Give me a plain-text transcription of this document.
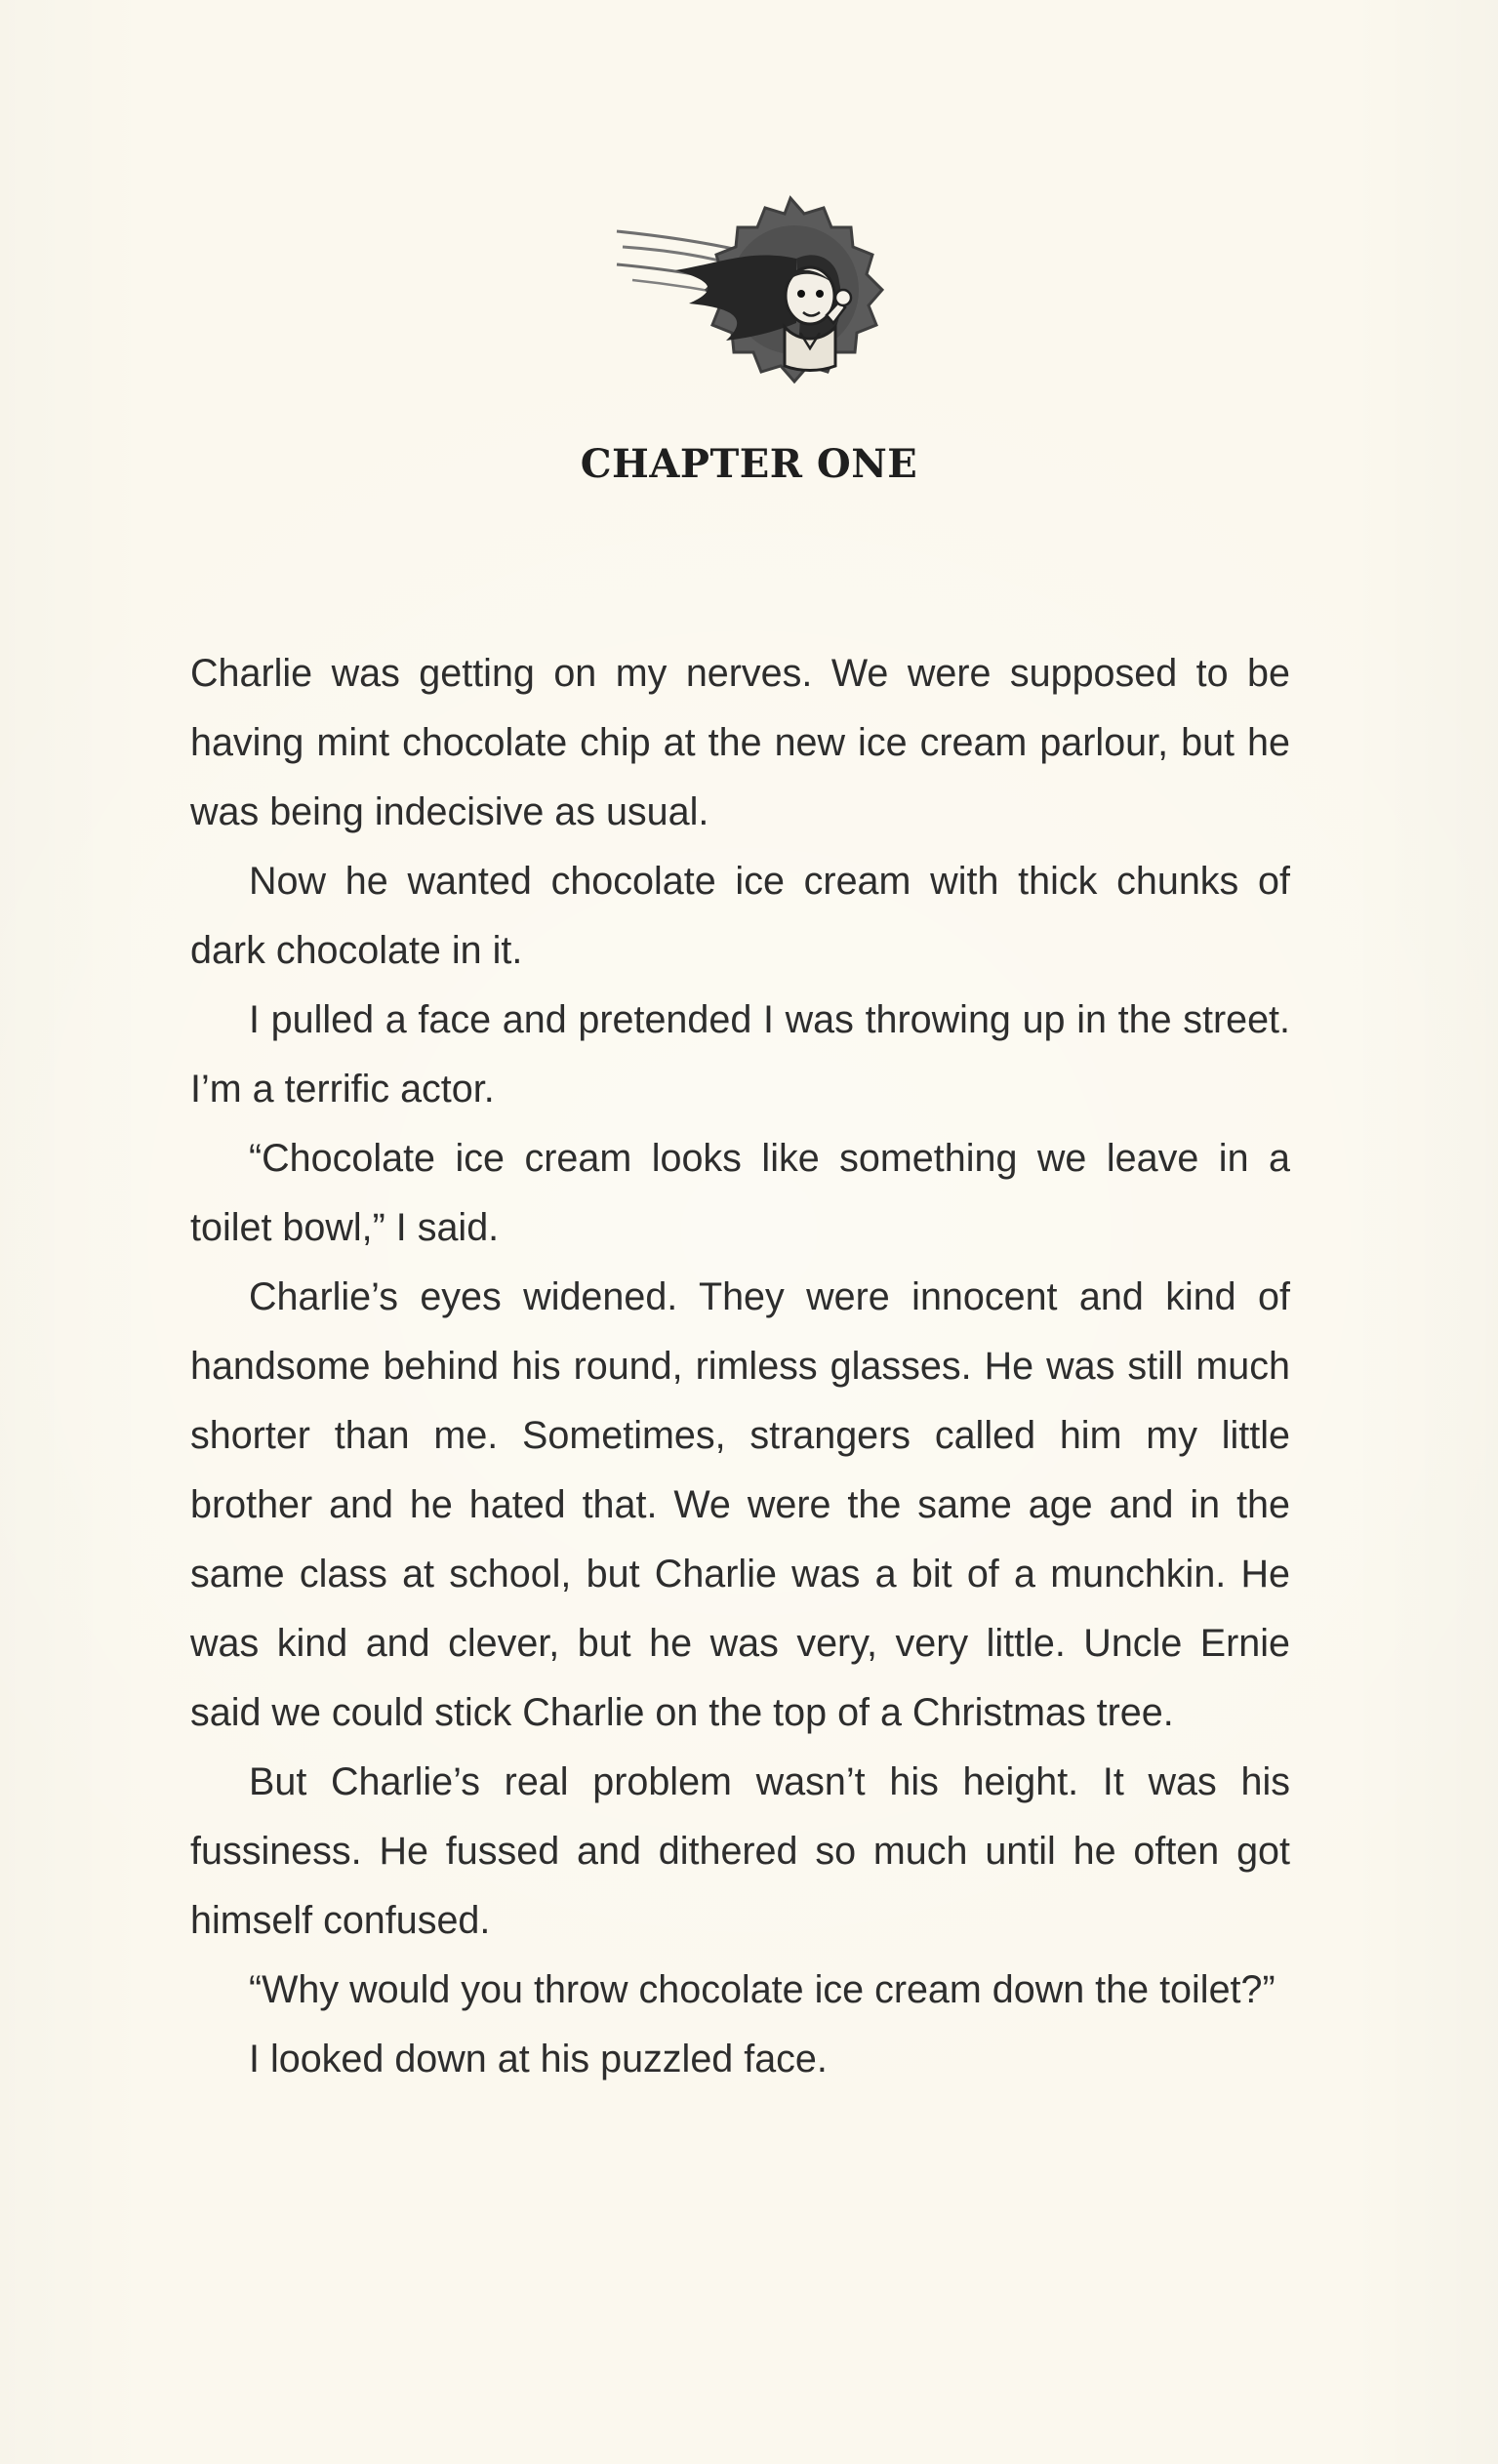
CHAPTER ONE

Charlie was getting on my nerves. We were supposed to be having mint chocolate chip at the new ice cream parlour, but he was being indecisive as usual.

Now he wanted chocolate ice cream with thick chunks of dark chocolate in it.

I pulled a face and pretended I was throwing up in the street. I’m a terrific actor.

“Chocolate ice cream looks like something we leave in a toilet bowl,” I said.

Charlie’s eyes widened. They were innocent and kind of handsome behind his round, rimless glasses. He was still much shorter than me. Sometimes, strangers called him my little brother and he hated that. We were the same age and in the same class at school, but Charlie was a bit of a munchkin. He was kind and clever, but he was very, very little. Uncle Ernie said we could stick Charlie on the top of a Christmas tree.

But Charlie’s real problem wasn’t his height. It was his fussiness. He fussed and dithered so much until he often got himself confused.

“Why would you throw chocolate ice cream down the toilet?”

I looked down at his puzzled face.
